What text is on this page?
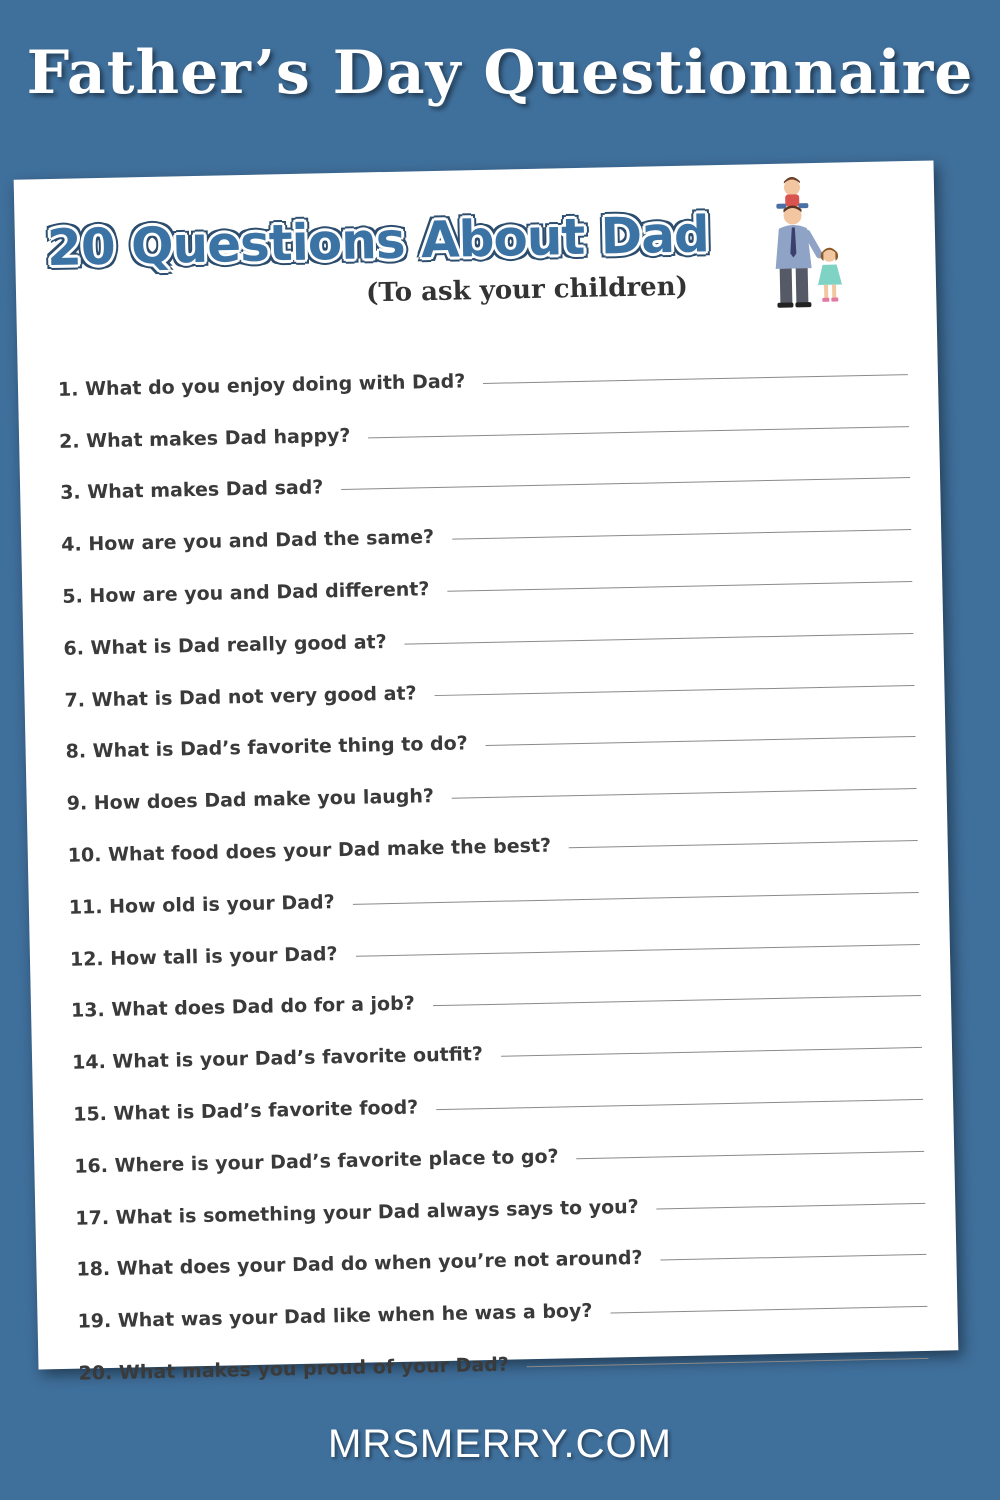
Father’s Day Questionnaire
20 Questions About Dad
(To ask your children)
1. What do you enjoy doing with Dad?
2. What makes Dad happy?
3. What makes Dad sad?
4. How are you and Dad the same?
5. How are you and Dad different?
6. What is Dad really good at?
7. What is Dad not very good at?
8. What is Dad’s favorite thing to do?
9. How does Dad make you laugh?
10. What food does your Dad make the best?
11. How old is your Dad?
12. How tall is your Dad?
13. What does Dad do for a job?
14. What is your Dad’s favorite outfit?
15. What is Dad’s favorite food?
16. Where is your Dad’s favorite place to go?
17. What is something your Dad always says to you?
18. What does your Dad do when you’re not around?
19. What was your Dad like when he was a boy?
20. What makes you proud of your Dad?
MRSMERRY.COM
